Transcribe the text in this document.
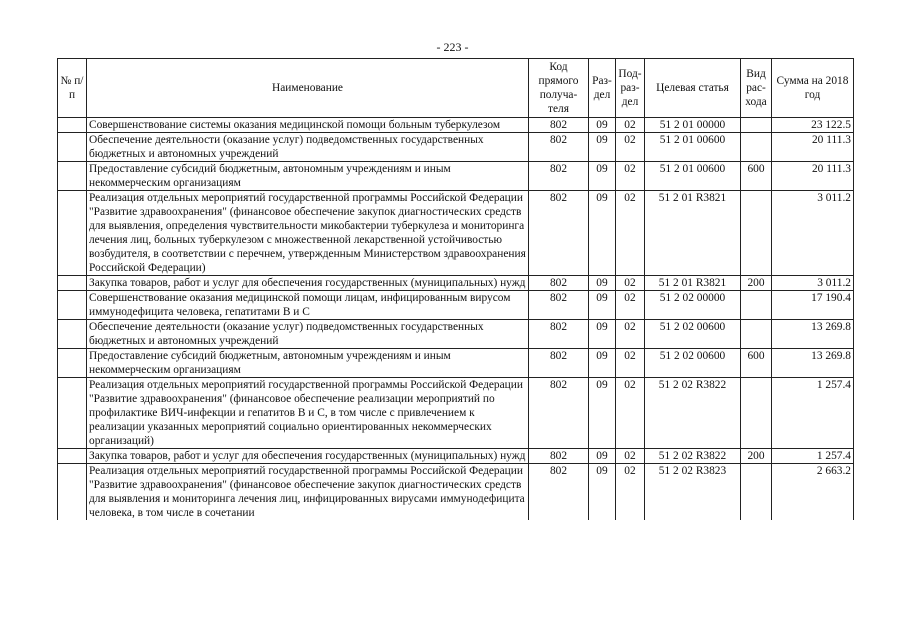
- 223 -
№ п/п	Наименование	Код прямого получа-теля	Раз-дел	Под-раз-дел	Целевая статья	Вид рас-хода	Сумма на 2018 год
	Совершенствование системы оказания медицинской помощи больным туберкулезом	802	09	02	51 2 01 00000		23 122.5
	Обеспечение деятельности (оказание услуг) подведомственных государственных бюджетных и автономных учреждений	802	09	02	51 2 01 00600		20 111.3
	Предоставление субсидий бюджетным, автономным учреждениям и иным некоммерческим организациям	802	09	02	51 2 01 00600	600	20 111.3
	Реализация отдельных мероприятий государственной программы Российской Федерации "Развитие здравоохранения" (финансовое обеспечение закупок диагностических средств для выявления, определения чувствительности микобактерии туберкулеза и мониторинга лечения лиц, больных туберкулезом с множественной лекарственной устойчивостью возбудителя, в соответствии с перечнем, утвержденным Министерством здравоохранения Российской Федерации)	802	09	02	51 2 01 R3821		3 011.2
	Закупка товаров, работ и услуг для обеспечения государственных (муниципальных) нужд	802	09	02	51 2 01 R3821	200	3 011.2
	Совершенствование оказания медицинской помощи лицам, инфицированным вирусом иммунодефицита человека, гепатитами В и С	802	09	02	51 2 02 00000		17 190.4
	Обеспечение деятельности (оказание услуг) подведомственных государственных бюджетных и автономных учреждений	802	09	02	51 2 02 00600		13 269.8
	Предоставление субсидий бюджетным, автономным учреждениям и иным некоммерческим организациям	802	09	02	51 2 02 00600	600	13 269.8
	Реализация отдельных мероприятий государственной программы Российской Федерации "Развитие здравоохранения" (финансовое обеспечение реализации мероприятий по профилактике ВИЧ-инфекции и гепатитов В и С, в том числе с привлечением к реализации указанных мероприятий социально ориентированных некоммерческих организаций)	802	09	02	51 2 02 R3822		1 257.4
	Закупка товаров, работ и услуг для обеспечения государственных (муниципальных) нужд	802	09	02	51 2 02 R3822	200	1 257.4
	Реализация отдельных мероприятий государственной программы Российской Федерации "Развитие здравоохранения" (финансовое обеспечение закупок диагностических средств для выявления и мониторинга лечения лиц, инфицированных вирусами иммунодефицита человека, в том числе в сочетании	802	09	02	51 2 02 R3823		2 663.2
